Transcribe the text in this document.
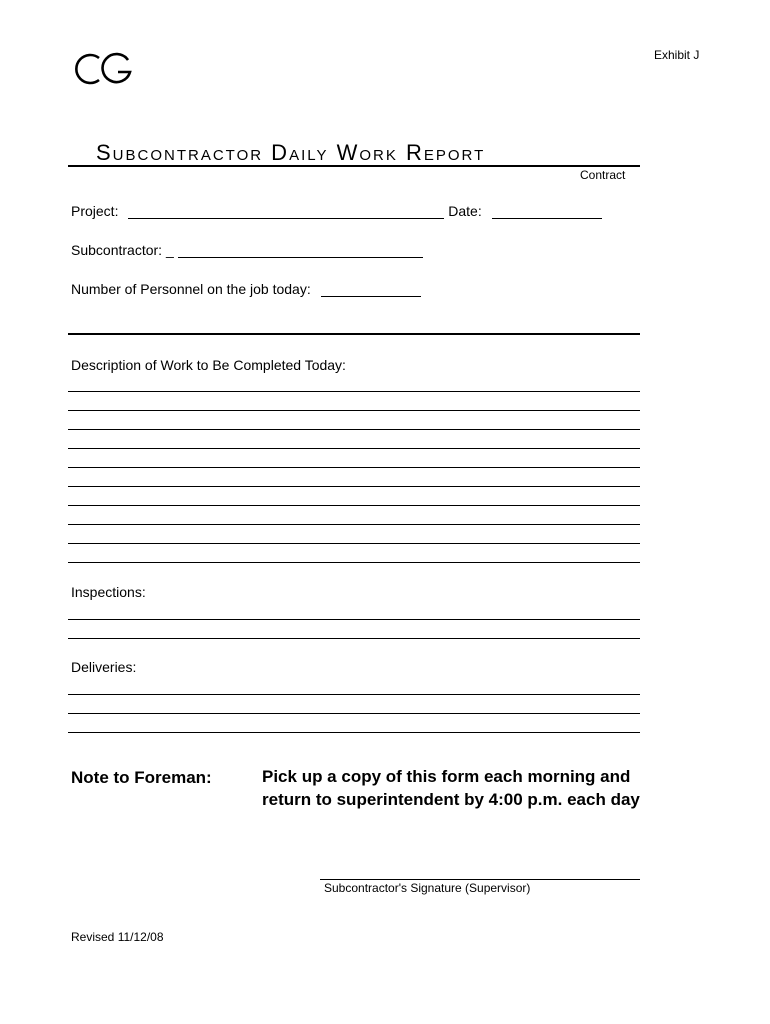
Exhibit J
Subcontractor Daily Work Report
Contract
Project:	Date:
Subcontractor: _
Number of Personnel on the job today:
Description of Work to Be Completed Today:
Inspections:
Deliveries:
Note to Foreman:	Pick up a copy of this form each morning and return to superintendent by 4:00 p.m. each day
Subcontractor's Signature (Supervisor)
Revised 11/12/08
